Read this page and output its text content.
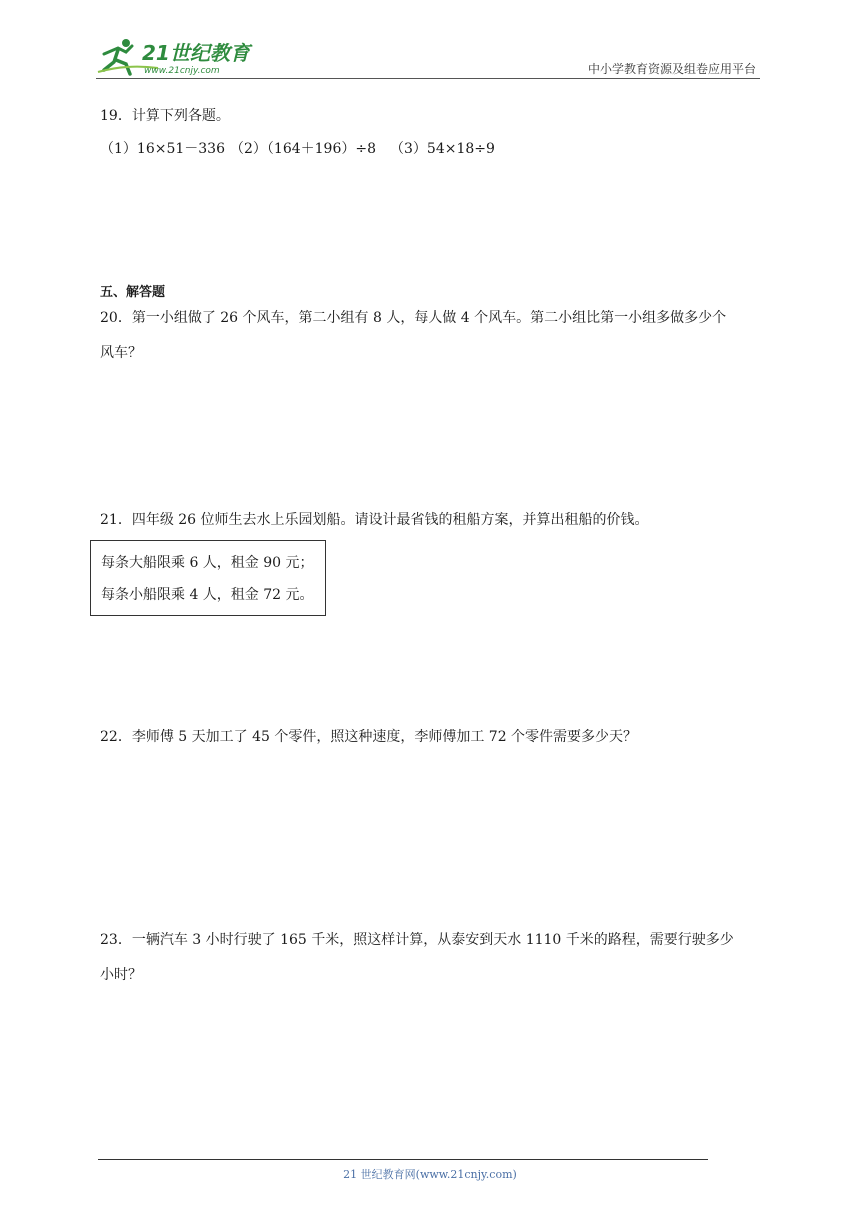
21世纪教育
www.21cnjy.com	中小学教育资源及组卷应用平台
19．计算下列各题。
（1）16×51－336 （2）（164＋196）÷8 （3）54×18÷9
五、解答题
20．第一小组做了 26 个风车，第二小组有 8 人，每人做 4 个风车。第二小组比第一小组多做多少个
风车？
21．四年级 26 位师生去水上乐园划船。请设计最省钱的租船方案，并算出租船的价钱。
每条大船限乘 6 人，租金 90 元；
每条小船限乘 4 人，租金 72 元。
22．李师傅 5 天加工了 45 个零件，照这种速度，李师傅加工 72 个零件需要多少天？
23．一辆汽车 3 小时行驶了 165 千米，照这样计算，从泰安到天水 1110 千米的路程，需要行驶多少
小时？
21 世纪教育网(www.21cnjy.com)
